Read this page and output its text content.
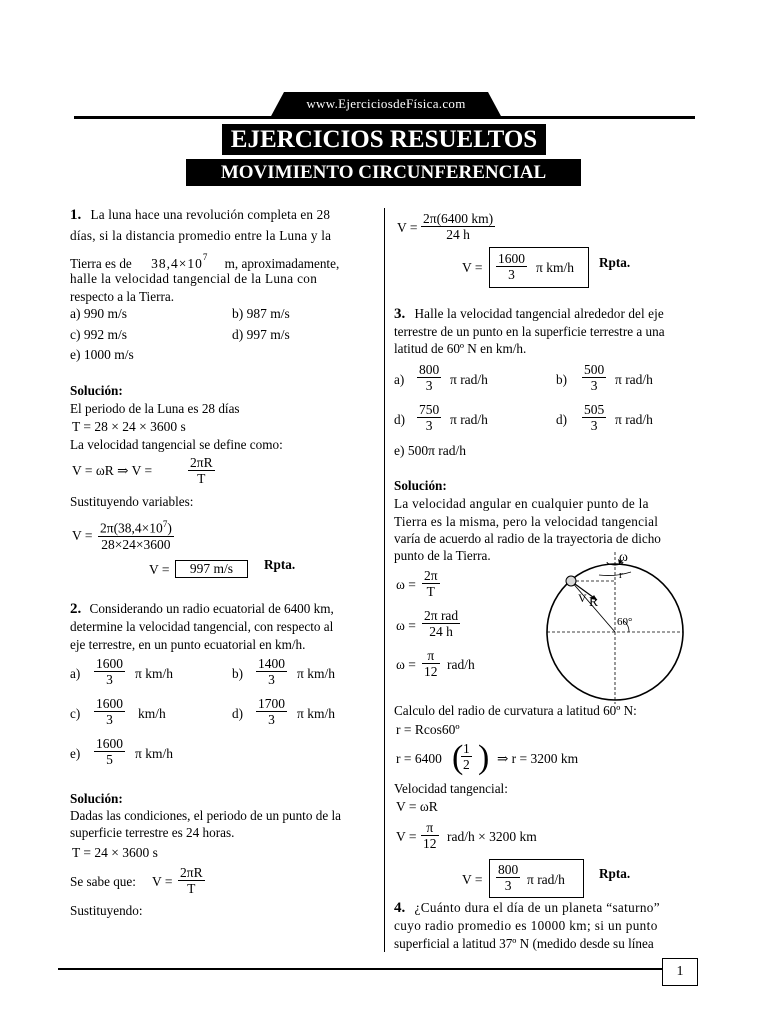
www.EjerciciosdeFísica.com
EJERCICIOS RESUELTOS
MOVIMIENTO CIRCUNFERENCIAL
1. La luna hace una revolución completa en 28
días, si la distancia promedio entre la Luna y la
Tierra es de $38,4\times 10^7$ m, aproximadamente,
halle la velocidad tangencial de la Luna con
respecto a la Tierra.
a) 990 m/s	b) 987 m/s
c) 992 m/s	d) 997 m/s
e) 1000 m/s
Solución:
El periodo de la Luna es 28 días
T = 28 × 24 × 3600 s
La velocidad tangencial se define como:
V = ωR ⇒ V =	$\frac{2\pi R}{T}$
Sustituyendo variables:
$V = \frac{2\pi(38,4\times 10^7)}{28\times 24\times 3600}$
V =	997 m/s	Rpta.
2. Considerando un radio ecuatorial de 6400 km,
determine la velocidad tangencial, con respecto al
eje terrestre, en un punto ecuatorial en km/h.
$a) \frac{1600}{3}$ π km/h	$b) \frac{1400}{3}$ π km/h
$c) \frac{1600}{3} km/h$	$d) \frac{1700}{3}$ π km/h
$e) \frac{1600}{5}$ π km/h
Solución:
Dadas las condiciones, el periodo de un punto de la
superficie terrestre es 24 horas.
T = 24 × 3600 s
Se sabe que: $V = \frac{2\pi R}{T}$
Sustituyendo:
$V = \frac{2\pi(6400 km)}{24 h}$
$V = \frac{1600}{3}$ π km/h Rpta.
3. Halle la velocidad tangencial alrededor del eje
terrestre de un punto en la superficie terrestre a una
latitud de 60º N en km/h.
$a) \frac{800}{3}$ π rad/h	$b) \frac{500}{3}$ π rad/h
$d) \frac{750}{3}$ π rad/h	$d) \frac{505}{3}$ π rad/h
e) 500π rad/h
Solución:
La velocidad angular en cualquier punto de la
Tierra es la misma, pero la velocidad tangencial
varía de acuerdo al radio de la trayectoria de dicho
punto de la Tierra.
$\omega = \frac{2\pi}{T}$
ω =
2π rad
24 h
$\omega = \frac{\pi}{12} rad/h$
ω
r
R
V
60°
Calculo del radio de curvatura a latitud 60º N:
r = Rcos60º
r = 6400 (
$\frac{1}{2}$ ) ⇒ r = 3200 km
Velocidad tangencial:
V = ωR
$V = \frac{\pi}{12} rad/h \times 3200$ km
$V = \frac{800}{3}$ π rad/h	Rpta.
4. ¿Cuánto dura el día de un planeta “saturno”
cuyo radio promedio es 10000 km; si un punto
superficial a latitud 37º N (medido desde su línea
1
